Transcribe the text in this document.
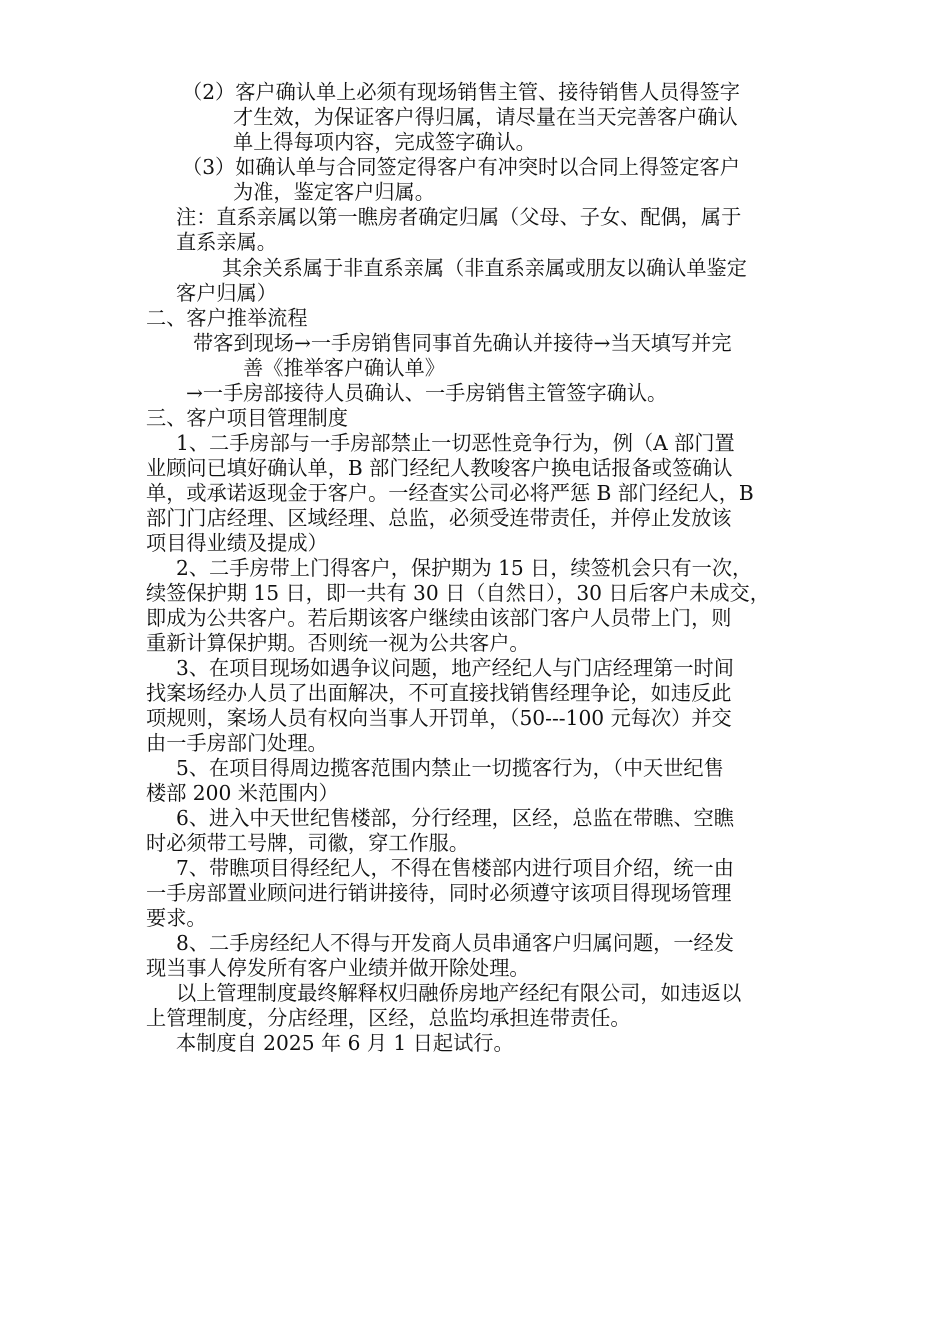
（2）客户确认单上必须有现场销售主管、接待销售人员得签字

才生效，为保证客户得归属，请尽量在当天完善客户确认

单上得每项内容，完成签字确认。

（3）如确认单与合同签定得客户有冲突时以合同上得签定客户

为准，鉴定客户归属。

注：直系亲属以第一瞧房者确定归属（父母、子女、配偶，属于

直系亲属。

其余关系属于非直系亲属（非直系亲属或朋友以确认单鉴定

客户归属）

二、客户推举流程

带客到现场→一手房销售同事首先确认并接待→当天填写并完

善《推举客户确认单》

→一手房部接待人员确认、一手房销售主管签字确认。

三、客户项目管理制度

1、二手房部与一手房部禁止一切恶性竞争行为，例（A 部门置

业顾问已填好确认单，B 部门经纪人教唆客户换电话报备或签确认

单，或承诺返现金于客户。一经查实公司必将严惩 B 部门经纪人，B

部门门店经理、区域经理、总监，必须受连带责任，并停止发放该

项目得业绩及提成）

2、二手房带上门得客户，保护期为 15 日，续签机会只有一次，

续签保护期 15 日，即一共有 30 日（自然日），30 日后客户未成交，

即成为公共客户。若后期该客户继续由该部门客户人员带上门，则

重新计算保护期。否则统一视为公共客户。

3、在项目现场如遇争议问题，地产经纪人与门店经理第一时间

找案场经办人员了出面解决，不可直接找销售经理争论，如违反此

项规则，案场人员有权向当事人开罚单，（50---100 元每次）并交

由一手房部门处理。

5、在项目得周边揽客范围内禁止一切揽客行为，（中天世纪售

楼部 200 米范围内）

6、进入中天世纪售楼部，分行经理，区经，总监在带瞧、空瞧

时必须带工号牌，司徽，穿工作服。

7、带瞧项目得经纪人，不得在售楼部内进行项目介绍，统一由

一手房部置业顾问进行销讲接待，同时必须遵守该项目得现场管理

要求。

8、二手房经纪人不得与开发商人员串通客户归属问题，一经发

现当事人停发所有客户业绩并做开除处理。

以上管理制度最终解释权归融侨房地产经纪有限公司，如违返以

上管理制度，分店经理，区经，总监均承担连带责任。

本制度自 2025 年 6 月 1 日起试行。
